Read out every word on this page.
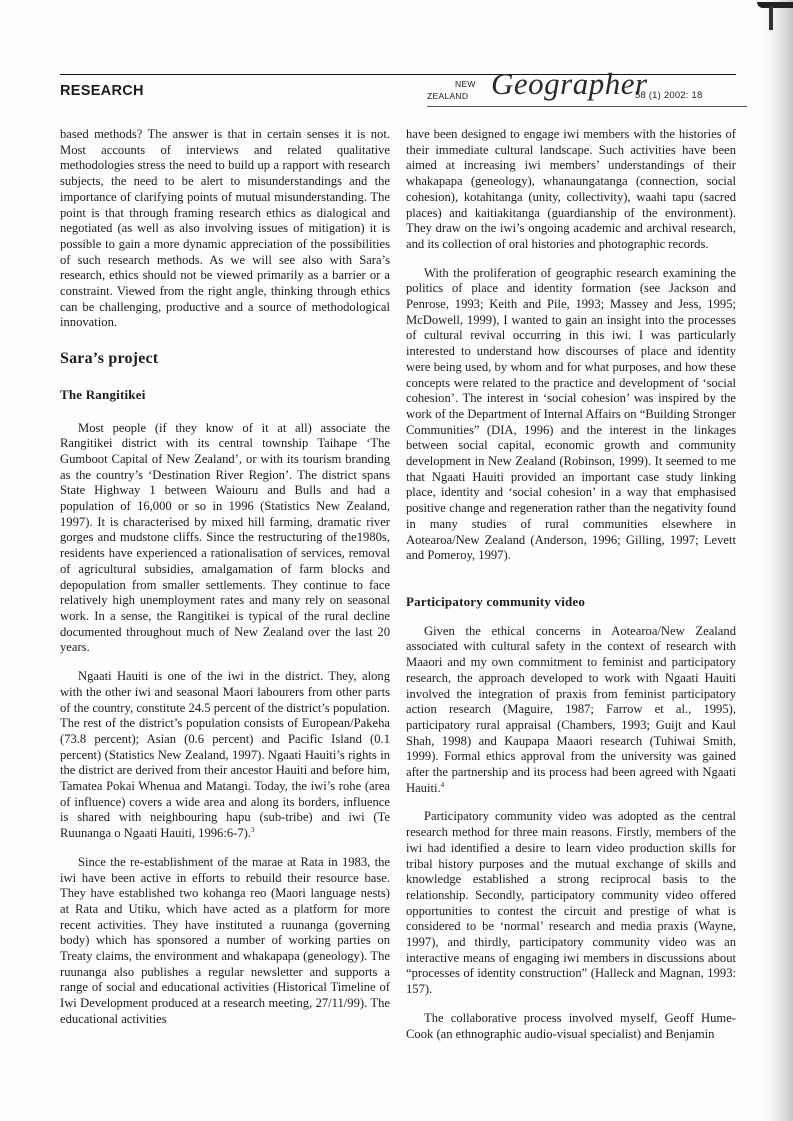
RESEARCH	NEW
ZEALAND Geographer
58 (1) 2002: 18

based methods? The answer is that in certain senses it is not. Most accounts of interviews and related qualitative methodologies stress the need to build up a rapport with research subjects, the need to be alert to misunderstandings and the importance of clarifying points of mutual misunderstanding. The point is that through framing research ethics as dialogical and negotiated (as well as also involving issues of mitigation) it is possible to gain a more dynamic appreciation of the possibilities of such research methods. As we will see also with Sara’s research, ethics should not be viewed primarily as a barrier or a constraint. Viewed from the right angle, thinking through ethics can be challenging, productive and a source of methodological innovation.

Sara’s project
The Rangitikei

Most people (if they know of it at all) associate the Rangitikei district with its central township Taihape ‘The Gumboot Capital of New Zealand’, or with its tourism branding as the country’s ‘Destination River Region’. The district spans State Highway 1 between Waiouru and Bulls and had a population of 16,000 or so in 1996 (Statistics New Zealand, 1997). It is characterised by mixed hill farming, dramatic river gorges and mudstone cliffs. Since the restructuring of the1980s, residents have experienced a rationalisation of services, removal of agricultural subsidies, amalgamation of farm blocks and depopulation from smaller settlements. They continue to face relatively high unemployment rates and many rely on seasonal work. In a sense, the Rangitikei is typical of the rural decline documented throughout much of New Zealand over the last 20 years.

Ngaati Hauiti is one of the iwi in the district. They, along with the other iwi and seasonal Maori labourers from other parts of the country, constitute 24.5 percent of the district’s population. The rest of the district’s population consists of European/Pakeha (73.8 percent); Asian (0.6 percent) and Pacific Island (0.1 percent) (Statistics New Zealand, 1997). Ngaati Hauiti’s rights in the district are derived from their ancestor Hauiti and before him, Tamatea Pokai Whenua and Matangi. Today, the iwi’s rohe (area of influence) covers a wide area and along its borders, influence is shared with neighbouring hapu (sub-tribe) and iwi (Te Ruunanga o Ngaati Hauiti, 1996:6-7).$^3$

Since the re-establishment of the marae at Rata in 1983, the iwi have been active in efforts to rebuild their resource base. They have established two kohanga reo (Maori language nests) at Rata and Utiku, which have acted as a platform for more recent activities. They have instituted a ruunanga (governing body) which has sponsored a number of working parties on Treaty claims, the environment and whakapapa (geneology). The ruunanga also publishes a regular newsletter and supports a range of social and educational activities (Historical Timeline of Iwi Development produced at a research meeting, 27/11/99). The educational activities

have been designed to engage iwi members with the histories of their immediate cultural landscape. Such activities have been aimed at increasing iwi members’ understandings of their whakapapa (geneology), whanaungatanga (connection, social cohesion), kotahitanga (unity, collectivity), waahi tapu (sacred places) and kaitiakitanga (guardianship of the environment). They draw on the iwi’s ongoing academic and archival research, and its collection of oral histories and photographic records.

With the proliferation of geographic research examining the politics of place and identity formation (see Jackson and Penrose, 1993; Keith and Pile, 1993; Massey and Jess, 1995; McDowell, 1999), I wanted to gain an insight into the processes of cultural revival occurring in this iwi. I was particularly interested to understand how discourses of place and identity were being used, by whom and for what purposes, and how these concepts were related to the practice and development of ‘social cohesion’. The interest in ‘social cohesion’ was inspired by the work of the Department of Internal Affairs on “Building Stronger Communities” (DIA, 1996) and the interest in the linkages between social capital, economic growth and community development in New Zealand (Robinson, 1999). It seemed to me that Ngaati Hauiti provided an important case study linking place, identity and ‘social cohesion’ in a way that emphasised positive change and regeneration rather than the negativity found in many studies of rural communities elsewhere in Aotearoa/New Zealand (Anderson, 1996; Gilling, 1997; Levett and Pomeroy, 1997).

Participatory community video

Given the ethical concerns in Aotearoa/New Zealand associated with cultural safety in the context of research with Maaori and my own commitment to feminist and participatory research, the approach developed to work with Ngaati Hauiti involved the integration of praxis from feminist participatory action research (Maguire, 1987; Farrow et al., 1995), participatory rural appraisal (Chambers, 1993; Guijt and Kaul Shah, 1998) and Kaupapa Maaori research (Tuhiwai Smith, 1999). Formal ethics approval from the university was gained after the partnership and its process had been agreed with Ngaati Hauiti.$^4$

Participatory community video was adopted as the central research method for three main reasons. Firstly, members of the iwi had identified a desire to learn video production skills for tribal history purposes and the mutual exchange of skills and knowledge established a strong reciprocal basis to the relationship. Secondly, participatory community video offered opportunities to contest the circuit and prestige of what is considered to be ‘normal’ research and media praxis (Wayne, 1997), and thirdly, participatory community video was an interactive means of engaging iwi members in discussions about “processes of identity construction” (Halleck and Magnan, 1993: 157).

The collaborative process involved myself, Geoff Hume-Cook (an ethnographic audio-visual specialist) and Benjamin
